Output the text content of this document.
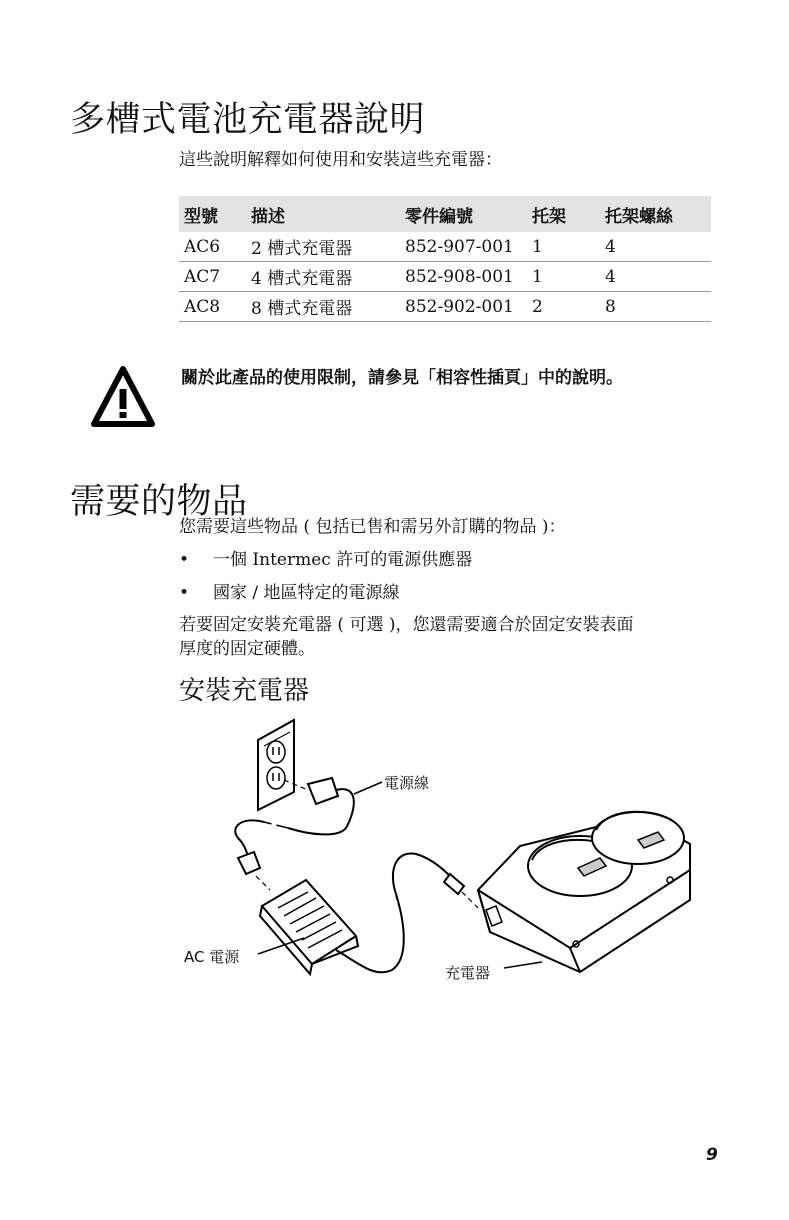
多槽式電池充電器說明
這些說明解釋如何使用和安裝這些充電器：
型號	描述	零件編號	托架	托架螺絲
AC6	2 槽式充電器	852-907-001	1	4
AC7	4 槽式充電器	852-908-001	1	4
AC8	8 槽式充電器	852-902-001	2	8
關於此產品的使用限制，請參見「相容性插頁」中的說明。
需要的物品
您需要這些物品 ( 包括已售和需另外訂購的物品 )：
•	一個 Intermec 許可的電源供應器
•	國家 / 地區特定的電源線
若要固定安裝充電器 ( 可選 )，您還需要適合於固定安裝表面
厚度的固定硬體。
安裝充電器
電源線
AC 電源
充電器
9
